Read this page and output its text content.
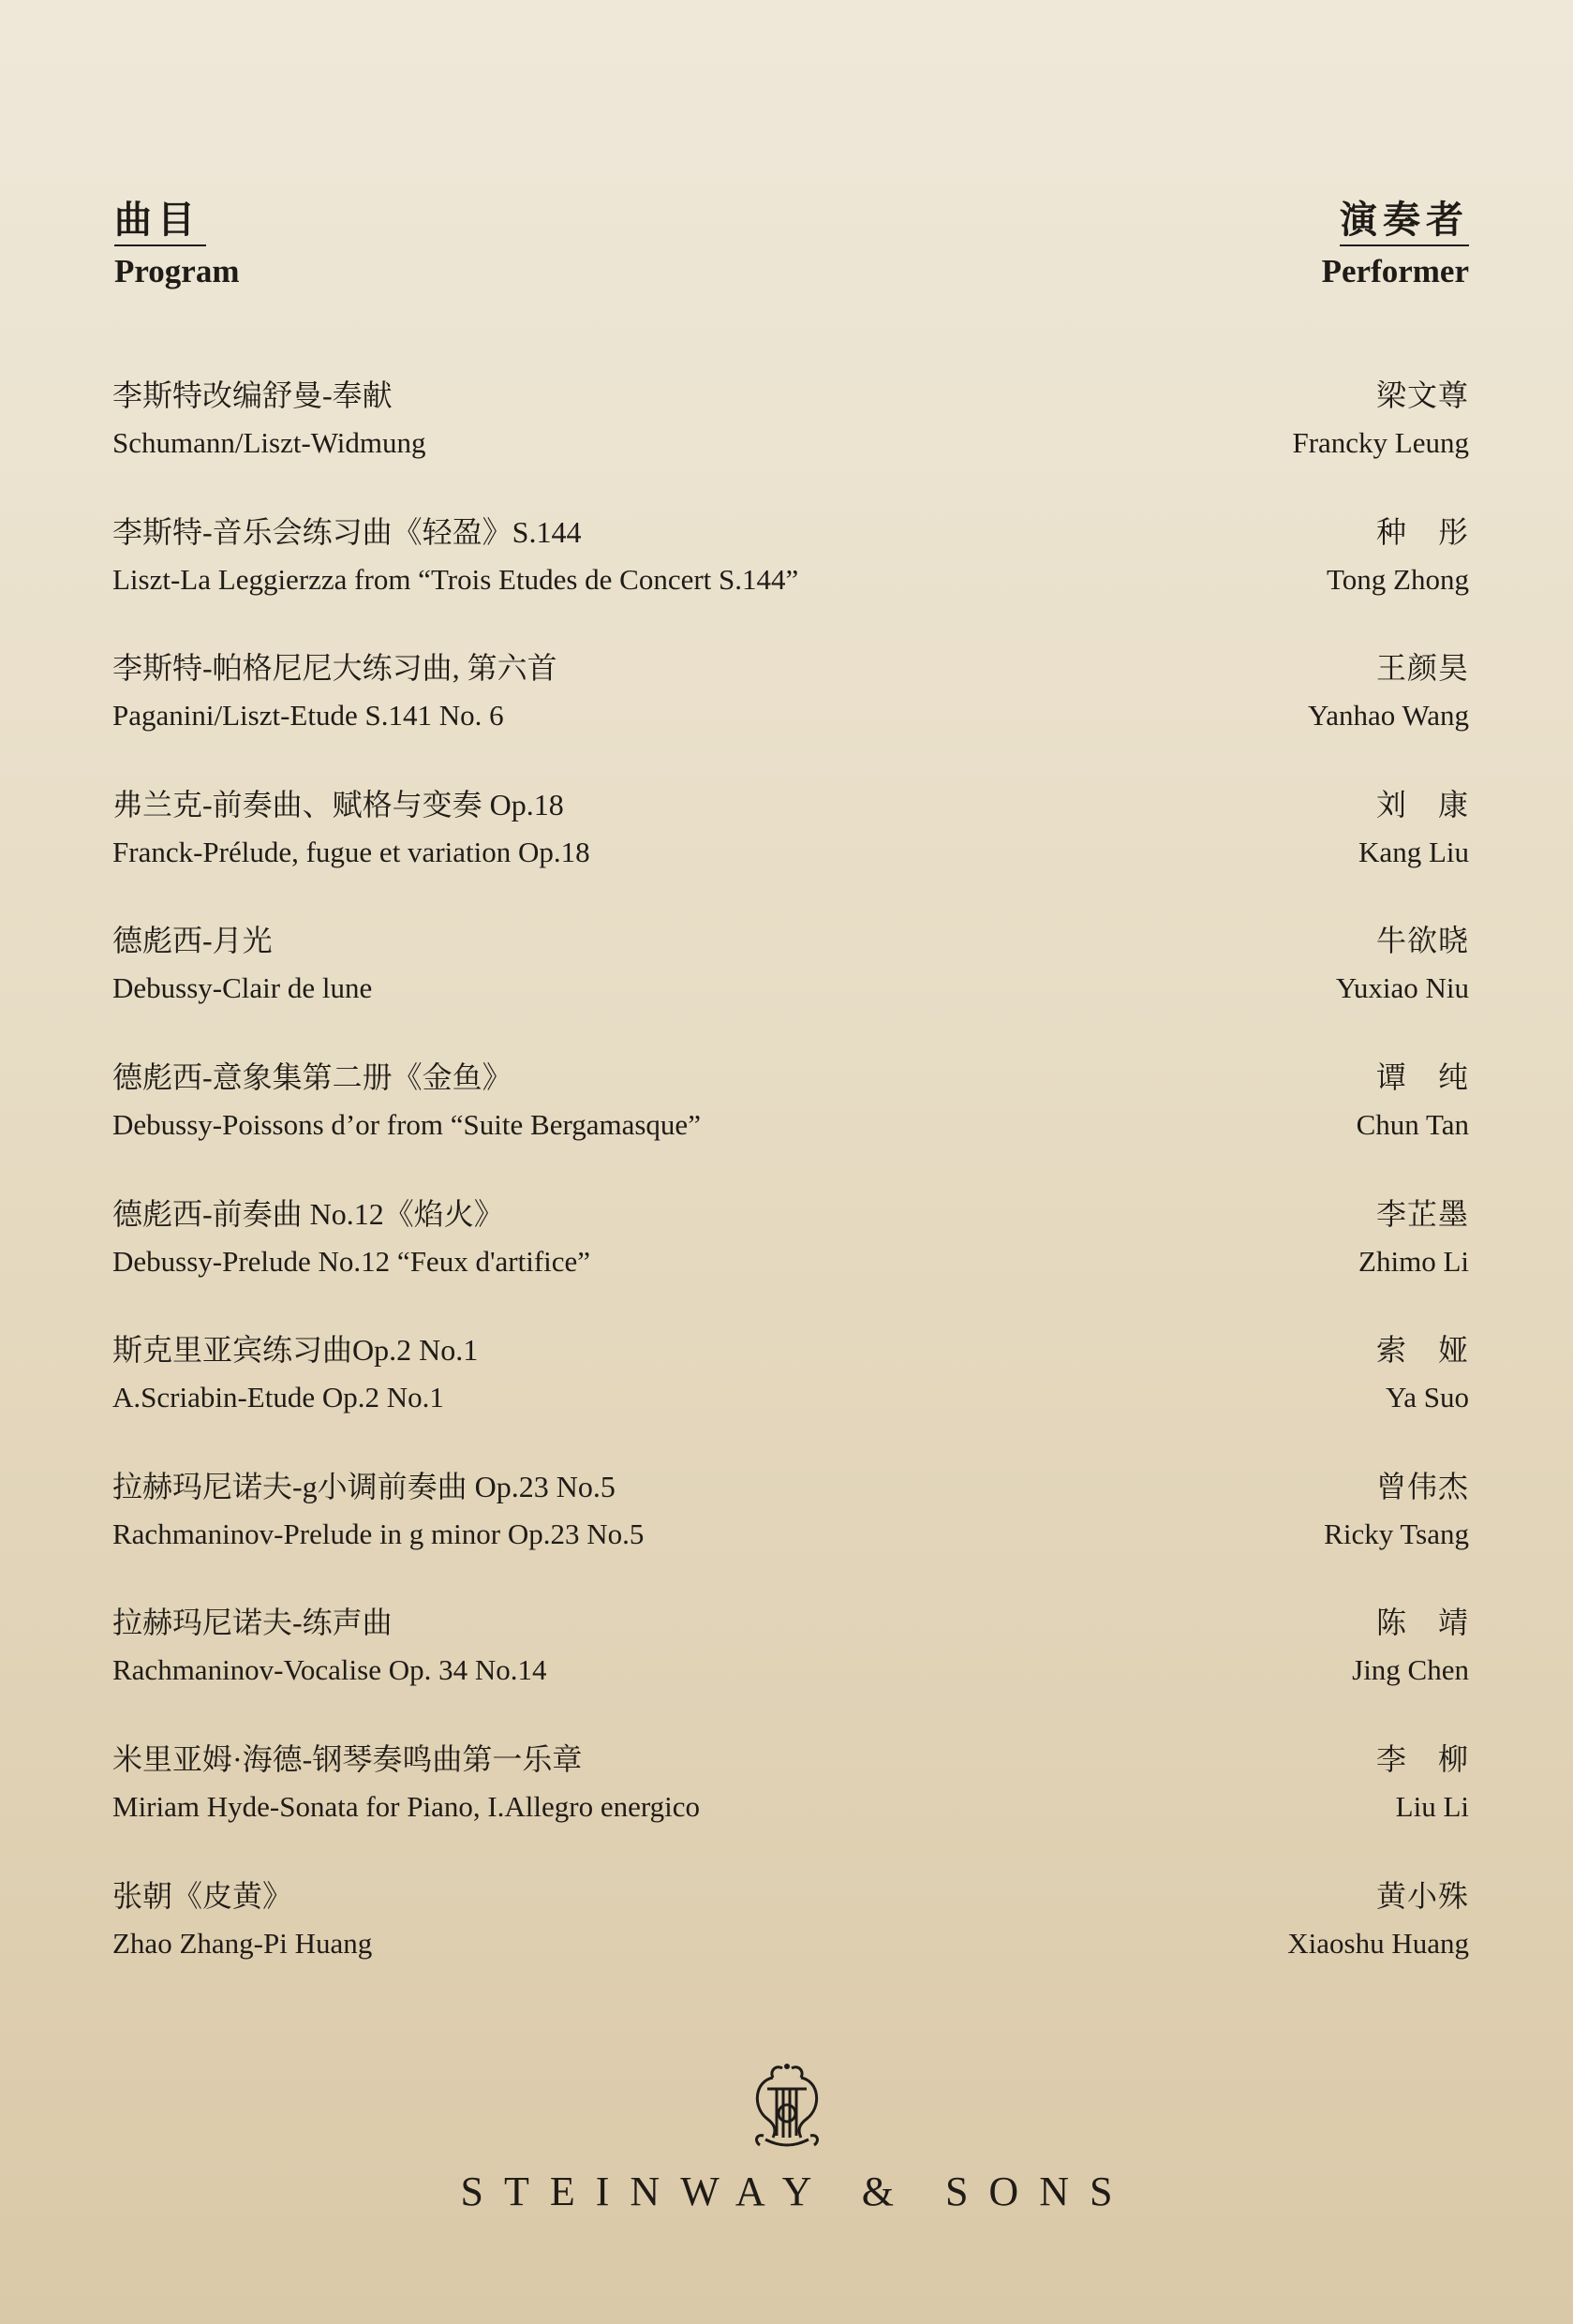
曲目
Program
演奏者
Performer
李斯特改编舒曼-奉献
Schumann/Liszt-Widmung
梁文尊
Francky Leung
李斯特-音乐会练习曲《轻盈》S.144
Liszt-La Leggierzza from “Trois Etudes de Concert S.144”
种　彤
Tong Zhong
李斯特-帕格尼尼大练习曲, 第六首
Paganini/Liszt-Etude S.141 No. 6
王颜昊
Yanhao Wang
弗兰克-前奏曲、赋格与变奏 Op.18
Franck-Prélude, fugue et variation Op.18
刘　康
Kang Liu
德彪西-月光
Debussy-Clair de lune
牛欲晓
Yuxiao Niu
德彪西-意象集第二册《金鱼》
Debussy-Poissons d’or from “Suite Bergamasque”
谭　纯
Chun Tan
德彪西-前奏曲 No.12《焰火》
Debussy-Prelude No.12 “Feux d'artifice”
李芷墨
Zhimo Li
斯克里亚宾练习曲Op.2 No.1
A.Scriabin-Etude Op.2 No.1
索　娅
Ya Suo
拉赫玛尼诺夫-g小调前奏曲 Op.23 No.5
Rachmaninov-Prelude in g minor Op.23 No.5
曾伟杰
Ricky Tsang
拉赫玛尼诺夫-练声曲
Rachmaninov-Vocalise Op. 34 No.14
陈　靖
Jing Chen
米里亚姆·海德-钢琴奏鸣曲第一乐章
Miriam Hyde-Sonata for Piano, I.Allegro energico
李　柳
Liu Li
张朝《皮黄》
Zhao Zhang-Pi Huang
黄小殊
Xiaoshu Huang
STEINWAY & SONS
